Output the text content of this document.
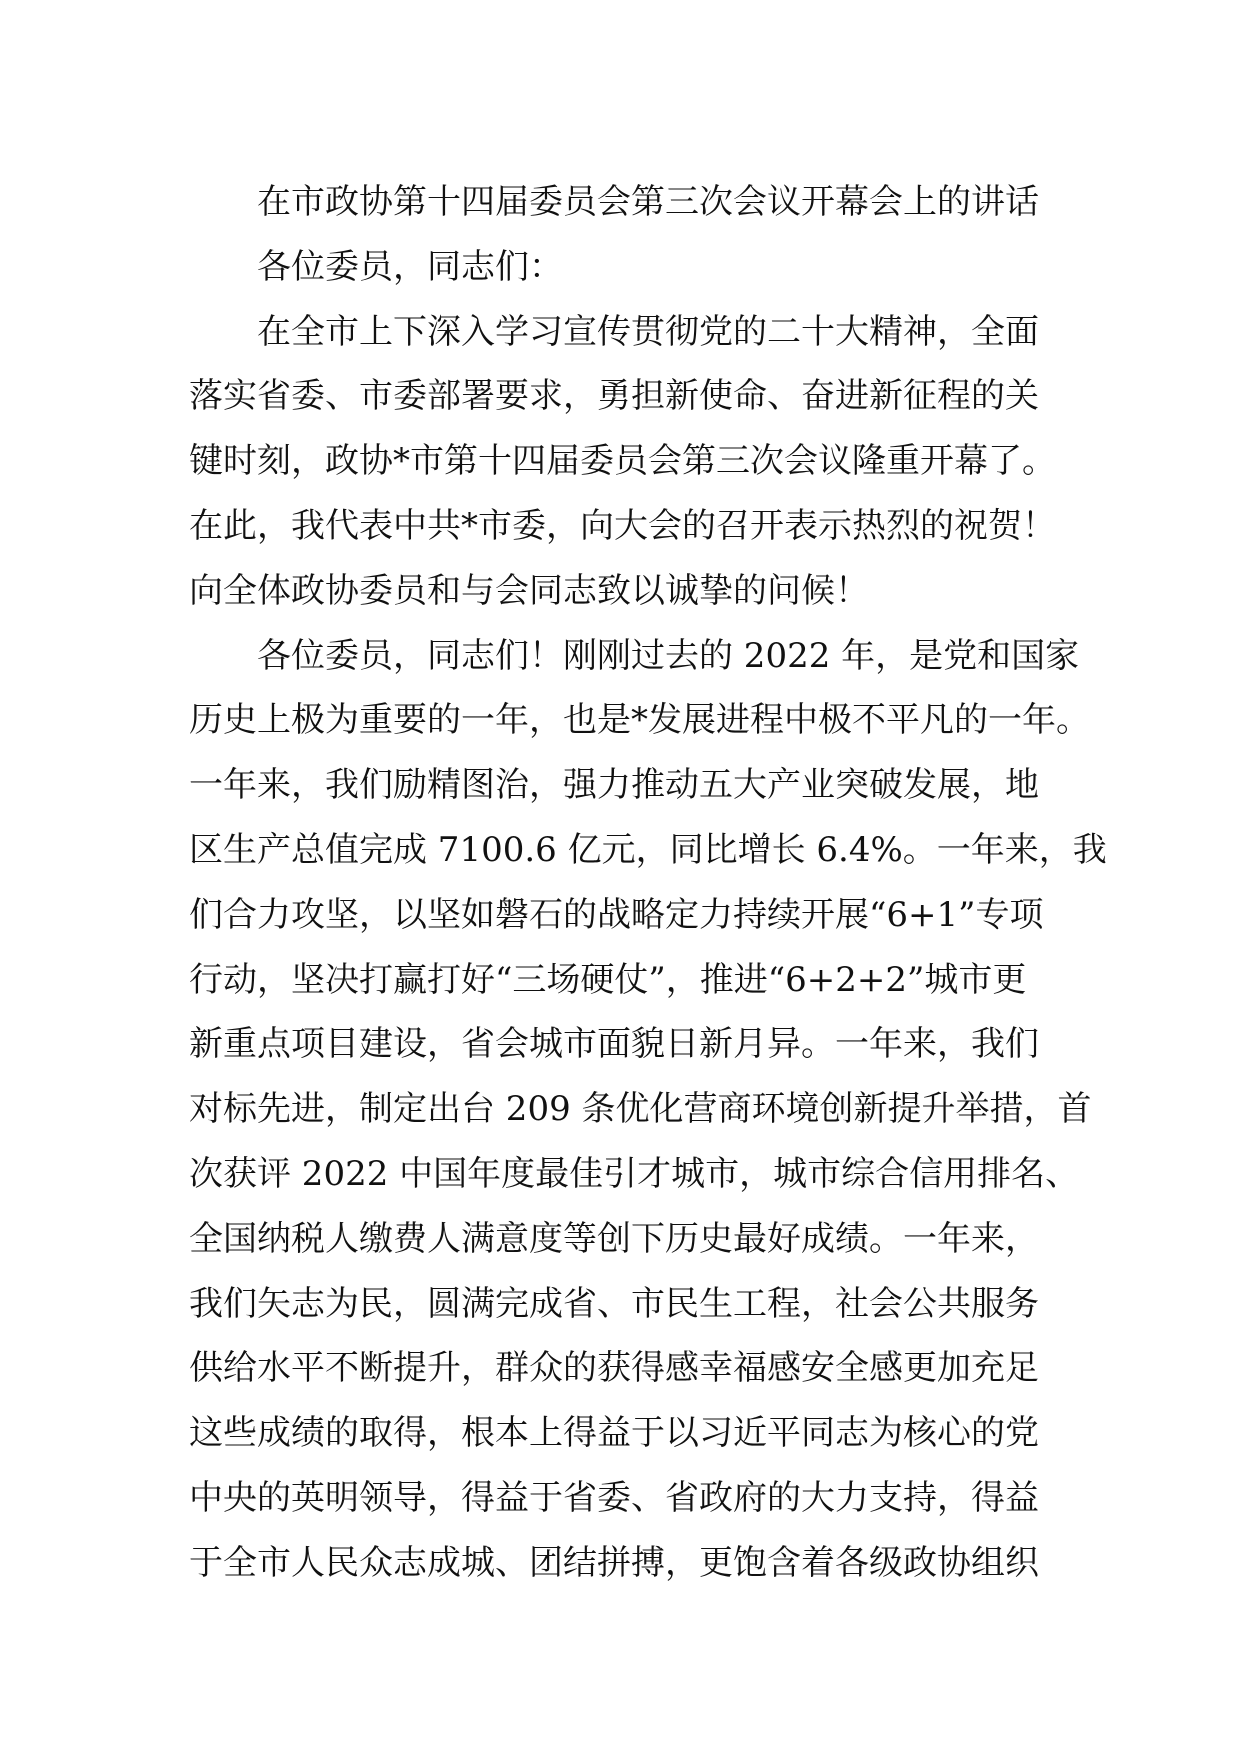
在市政协第十四届委员会第三次会议开幕会上的讲话
各位委员，同志们：
在全市上下深入学习宣传贯彻党的二十大精神，全面
落实省委、市委部署要求，勇担新使命、奋进新征程的关
键时刻，政协*市第十四届委员会第三次会议隆重开幕了。
在此，我代表中共*市委，向大会的召开表示热烈的祝贺！
向全体政协委员和与会同志致以诚挚的问候！
各位委员，同志们！刚刚过去的 2022 年，是党和国家
历史上极为重要的一年，也是*发展进程中极不平凡的一年。
一年来，我们励精图治，强力推动五大产业突破发展，地
区生产总值完成 7100.6 亿元，同比增长 6.4%。一年来，我
们合力攻坚，以坚如磐石的战略定力持续开展“6+1”专项
行动，坚决打赢打好“三场硬仗”，推进“6+2+2”城市更
新重点项目建设，省会城市面貌日新月异。一年来，我们
对标先进，制定出台 209 条优化营商环境创新提升举措，首
次获评 2022 中国年度最佳引才城市，城市综合信用排名、
全国纳税人缴费人满意度等创下历史最好成绩。一年来，
我们矢志为民，圆满完成省、市民生工程，社会公共服务
供给水平不断提升，群众的获得感幸福感安全感更加充足
这些成绩的取得，根本上得益于以习近平同志为核心的党
中央的英明领导，得益于省委、省政府的大力支持，得益
于全市人民众志成城、团结拼搏，更饱含着各级政协组织
